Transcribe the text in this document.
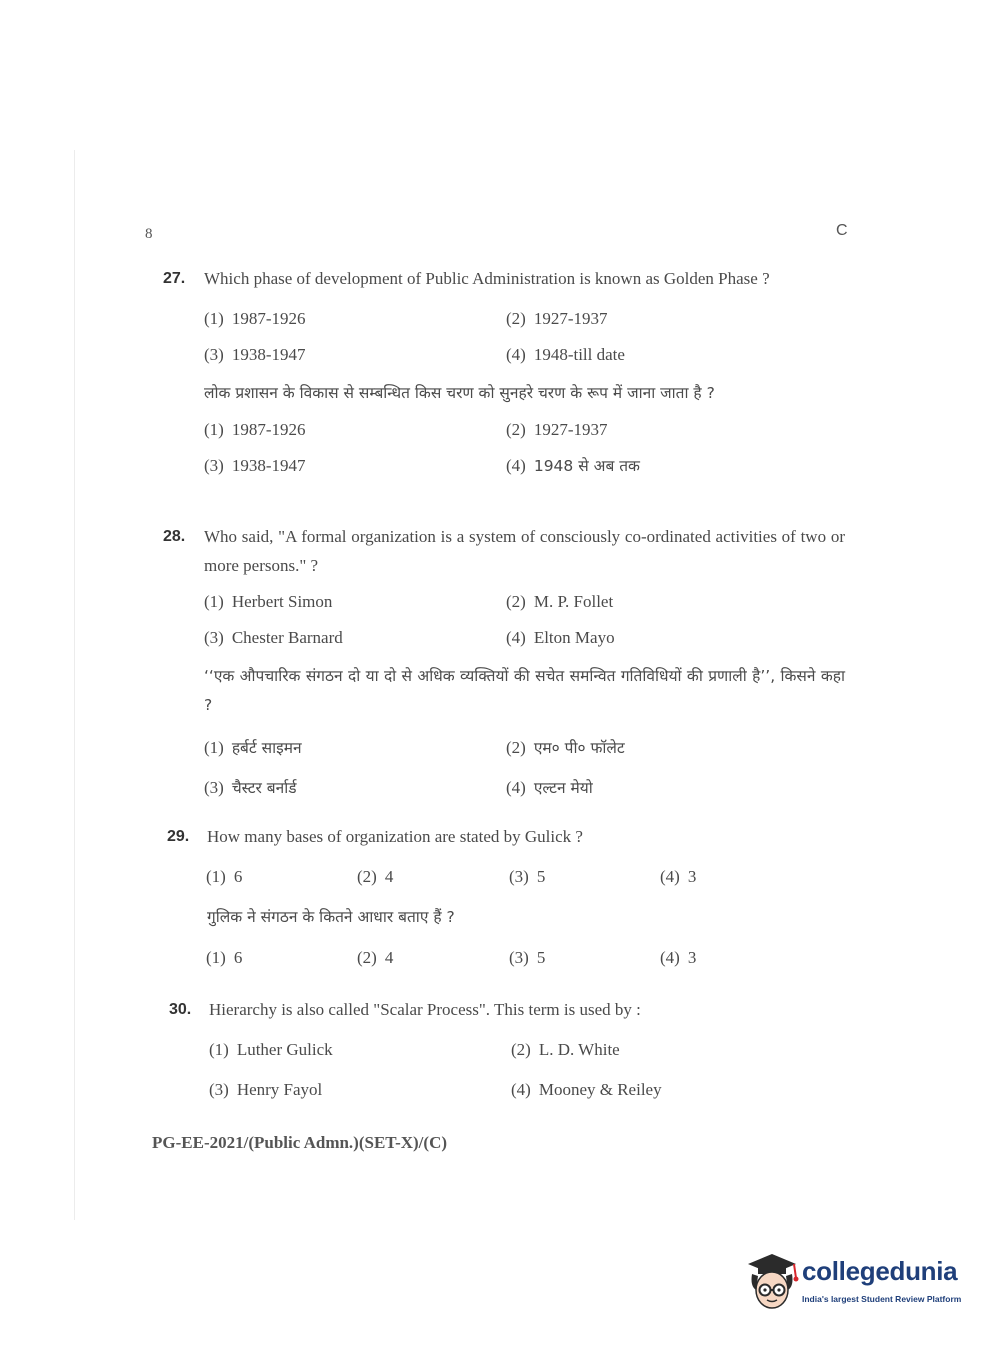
8	C
27.	Which phase of development of Public Administration is known as Golden Phase ?
(1) 1987-1926	(2) 1927-1937
(3) 1938-1947	(4) 1948-till date
लोक प्रशासन के विकास से सम्बन्धित किस चरण को सुनहरे चरण के रूप में जाना जाता है ?
(1) 1987-1926	(2) 1927-1937
(3) 1938-1947	(4) 1948 से अब तक
28.	Who said, "A formal organization is a system of consciously co-ordinated activities of two or more persons." ?
(1) Herbert Simon	(2) M. P. Follet
(3) Chester Barnard	(4) Elton Mayo
‘‘एक औपचारिक संगठन दो या दो से अधिक व्यक्तियों की सचेत समन्वित गतिविधियों की प्रणाली है’’, किसने कहा ?
(1) हर्बर्ट साइमन	(2) एम० पी० फॉलेट
(3) चैस्टर बर्नार्ड	(4) एल्टन मेयो
29.	How many bases of organization are stated by Gulick ?
(1) 6	(2) 4	(3) 5	(4) 3
गुलिक ने संगठन के कितने आधार बताए हैं ?
(1) 6	(2) 4	(3) 5	(4) 3
30.	Hierarchy is also called "Scalar Process". This term is used by :
(1) Luther Gulick	(2) L. D. White
(3) Henry Fayol	(4) Mooney & Reiley
PG-EE-2021/(Public Admn.)(SET-X)/(C)
collegedunia
India's largest Student Review Platform
